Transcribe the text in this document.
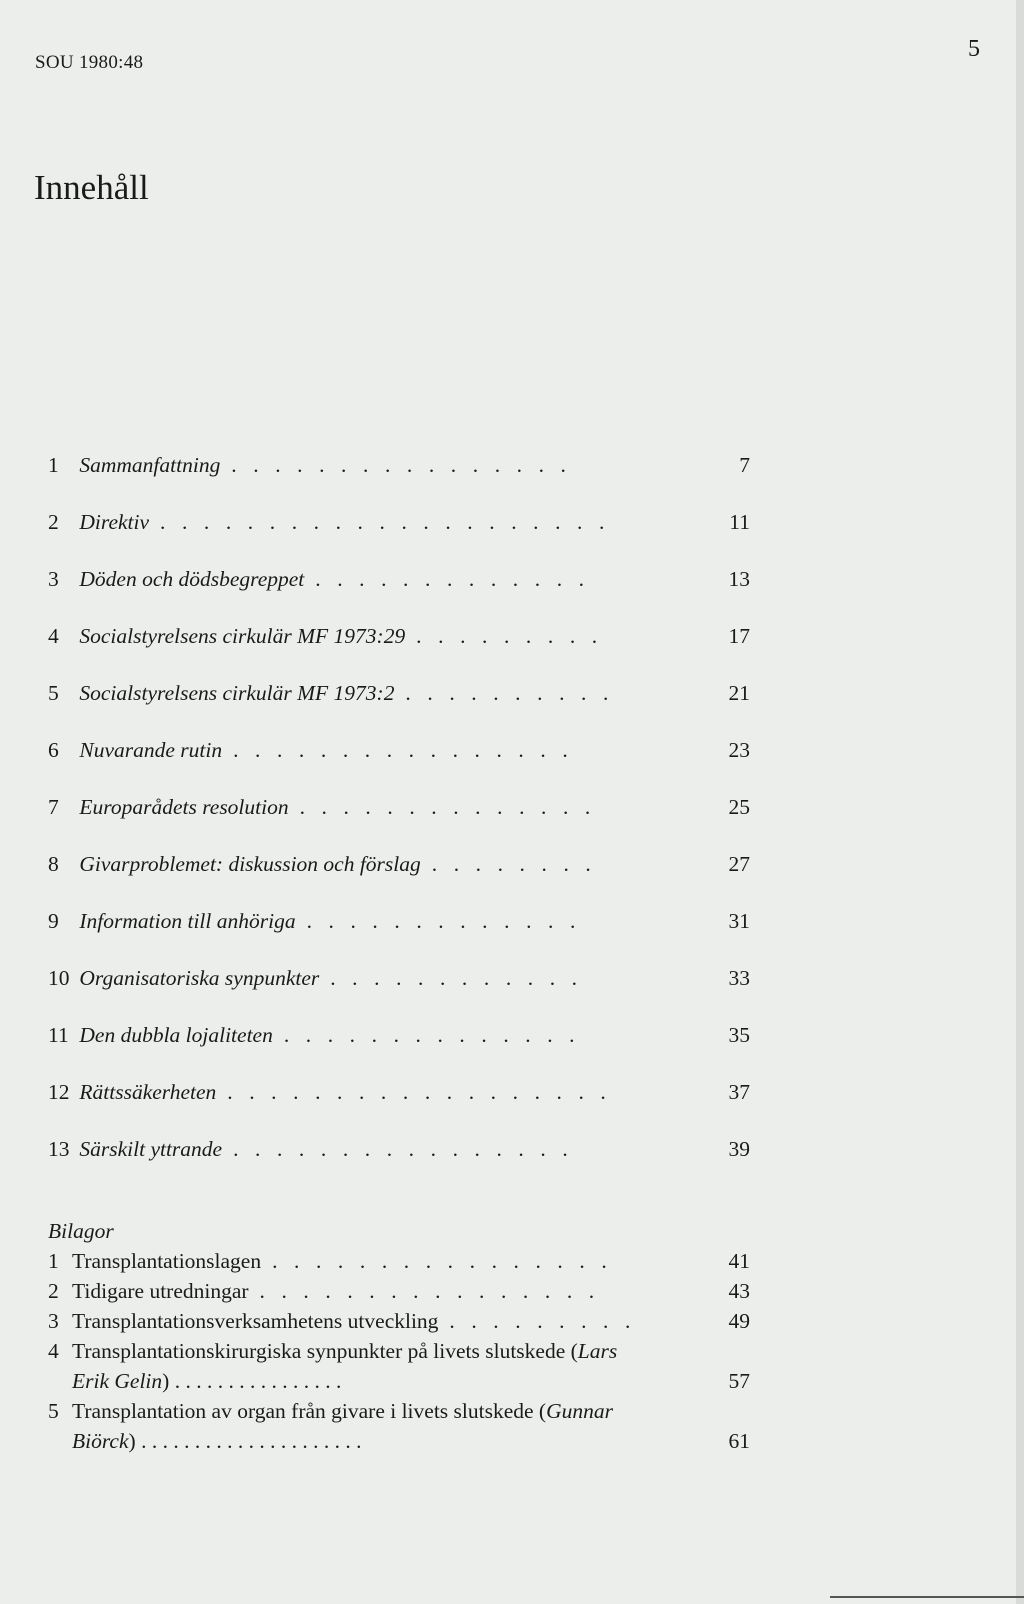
SOU 1980:48
5
Innehåll
1 Sammanfattning . . . . . . . . . . . . . . . .	7
2 Direktiv . . . . . . . . . . . . . . . . . . . . .	11
3 Döden och dödsbegreppet . . . . . . . . . . . . .	13
4 Socialstyrelsens cirkulär MF 1973:29 . . . . . . . . .	17
5 Socialstyrelsens cirkulär MF 1973:2 . . . . . . . . . .	21
6 Nuvarande rutin . . . . . . . . . . . . . . . .	23
7 Europarådets resolution . . . . . . . . . . . . . .	25
8 Givarproblemet: diskussion och förslag . . . . . . . .	27
9 Information till anhöriga . . . . . . . . . . . . .	31
10 Organisatoriska synpunkter . . . . . . . . . . . .	33
11 Den dubbla lojaliteten . . . . . . . . . . . . . .	35
12 Rättssäkerheten . . . . . . . . . . . . . . . . . .	37
13 Särskilt yttrande . . . . . . . . . . . . . . . .	39
Bilagor
1 Transplantationslagen . . . . . . . . . . . . . . . .	41
2 Tidigare utredningar . . . . . . . . . . . . . . . .	43
3 Transplantationsverksamhetens utveckling . . . . . . . . .	49
4 Transplantationskirurgiska synpunkter på livets slutskede (Lars
Erik Gelin) . . . . . . . . . . . . . . . .	57
5 Transplantation av organ från givare i livets slutskede (Gunnar
Biörck) . . . . . . . . . . . . . . . . . . . . .	61
